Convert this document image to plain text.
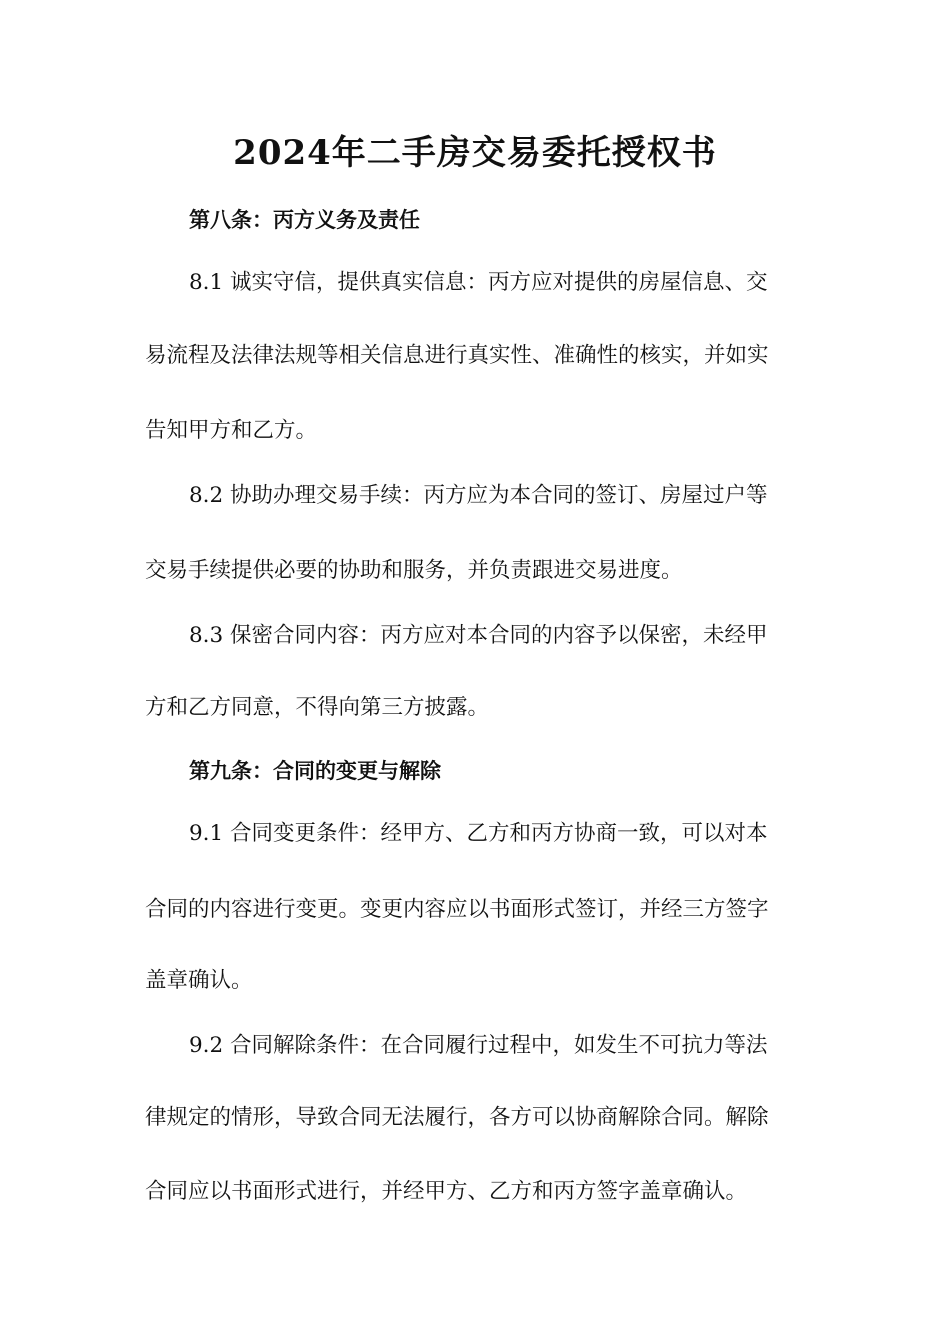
2024年二手房交易委托授权书
第八条：丙方义务及责任
8.1 诚实守信，提供真实信息：丙方应对提供的房屋信息、交
易流程及法律法规等相关信息进行真实性、准确性的核实，并如实
告知甲方和乙方。
8.2 协助办理交易手续：丙方应为本合同的签订、房屋过户等
交易手续提供必要的协助和服务，并负责跟进交易进度。
8.3 保密合同内容：丙方应对本合同的内容予以保密，未经甲
方和乙方同意，不得向第三方披露。
第九条：合同的变更与解除
9.1 合同变更条件：经甲方、乙方和丙方协商一致，可以对本
合同的内容进行变更。变更内容应以书面形式签订，并经三方签字
盖章确认。
9.2 合同解除条件：在合同履行过程中，如发生不可抗力等法
律规定的情形，导致合同无法履行，各方可以协商解除合同。解除
合同应以书面形式进行，并经甲方、乙方和丙方签字盖章确认。
